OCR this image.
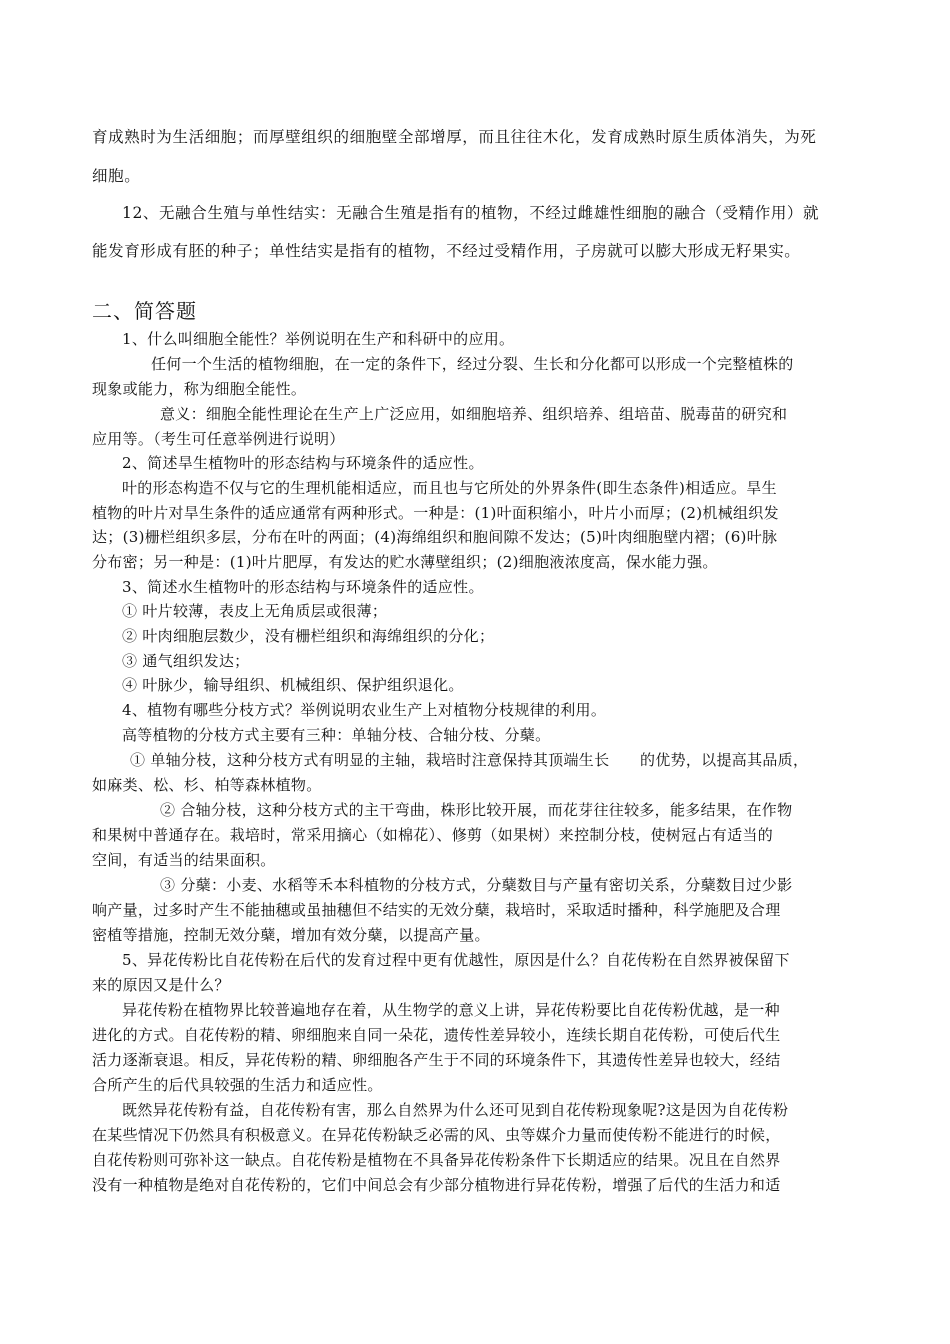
育成熟时为生活细胞；而厚壁组织的细胞壁全部增厚，而且往往木化，发育成熟时原生质体消失，为死
细胞。
12、无融合生殖与单性结实：无融合生殖是指有的植物，不经过雌雄性细胞的融合（受精作用）就
能发育形成有胚的种子；单性结实是指有的植物，不经过受精作用，子房就可以膨大形成无籽果实。
二、简答题
1、什么叫细胞全能性？举例说明在生产和科研中的应用。
任何一个生活的植物细胞，在一定的条件下，经过分裂、生长和分化都可以形成一个完整植株的
现象或能力，称为细胞全能性。
意义：细胞全能性理论在生产上广泛应用，如细胞培养、组织培养、组培苗、脱毒苗的研究和
应用等。（考生可任意举例进行说明）
2、简述旱生植物叶的形态结构与环境条件的适应性。
叶的形态构造不仅与它的生理机能相适应，而且也与它所处的外界条件(即生态条件)相适应。旱生
植物的叶片对旱生条件的适应通常有两种形式。一种是：(1)叶面积缩小，叶片小而厚；(2)机械组织发
达；(3)栅栏组织多层，分布在叶的两面；(4)海绵组织和胞间隙不发达；(5)叶肉细胞壁内褶；(6)叶脉
分布密；另一种是：(1)叶片肥厚，有发达的贮水薄壁组织；(2)细胞液浓度高，保水能力强。
3、简述水生植物叶的形态结构与环境条件的适应性。
① 叶片较薄，表皮上无角质层或很薄；
② 叶肉细胞层数少，没有栅栏组织和海绵组织的分化；
③ 通气组织发达；
④ 叶脉少，输导组织、机械组织、保护组织退化。
4、植物有哪些分枝方式？举例说明农业生产上对植物分枝规律的利用。
高等植物的分枝方式主要有三种：单轴分枝、合轴分枝、分蘖。
① 单轴分枝，这种分枝方式有明显的主轴，栽培时注意保持其顶端生长　　的优势，以提高其品质，
如麻类、松、杉、柏等森林植物。
② 合轴分枝，这种分枝方式的主干弯曲，株形比较开展，而花芽往往较多，能多结果，在作物
和果树中普通存在。栽培时，常采用摘心（如棉花）、修剪（如果树）来控制分枝，使树冠占有适当的
空间，有适当的结果面积。
③ 分蘖：小麦、水稻等禾本科植物的分枝方式，分蘖数目与产量有密切关系，分蘖数目过少影
响产量，过多时产生不能抽穗或虽抽穗但不结实的无效分蘖，栽培时，采取适时播种，科学施肥及合理
密植等措施，控制无效分蘖，增加有效分蘖，以提高产量。
5、异花传粉比自花传粉在后代的发育过程中更有优越性，原因是什么？自花传粉在自然界被保留下
来的原因又是什么？
异花传粉在植物界比较普遍地存在着，从生物学的意义上讲，异花传粉要比自花传粉优越，是一种
进化的方式。自花传粉的精、卵细胞来自同一朵花，遗传性差异较小，连续长期自花传粉，可使后代生
活力逐渐衰退。相反，异花传粉的精、卵细胞各产生于不同的环境条件下，其遗传性差异也较大，经结
合所产生的后代具较强的生活力和适应性。
既然异花传粉有益，自花传粉有害，那么自然界为什么还可见到自花传粉现象呢?这是因为自花传粉
在某些情况下仍然具有积极意义。在异花传粉缺乏必需的风、虫等媒介力量而使传粉不能进行的时候，
自花传粉则可弥补这一缺点。自花传粉是植物在不具备异花传粉条件下长期适应的结果。况且在自然界
没有一种植物是绝对自花传粉的，它们中间总会有少部分植物进行异花传粉，增强了后代的生活力和适
